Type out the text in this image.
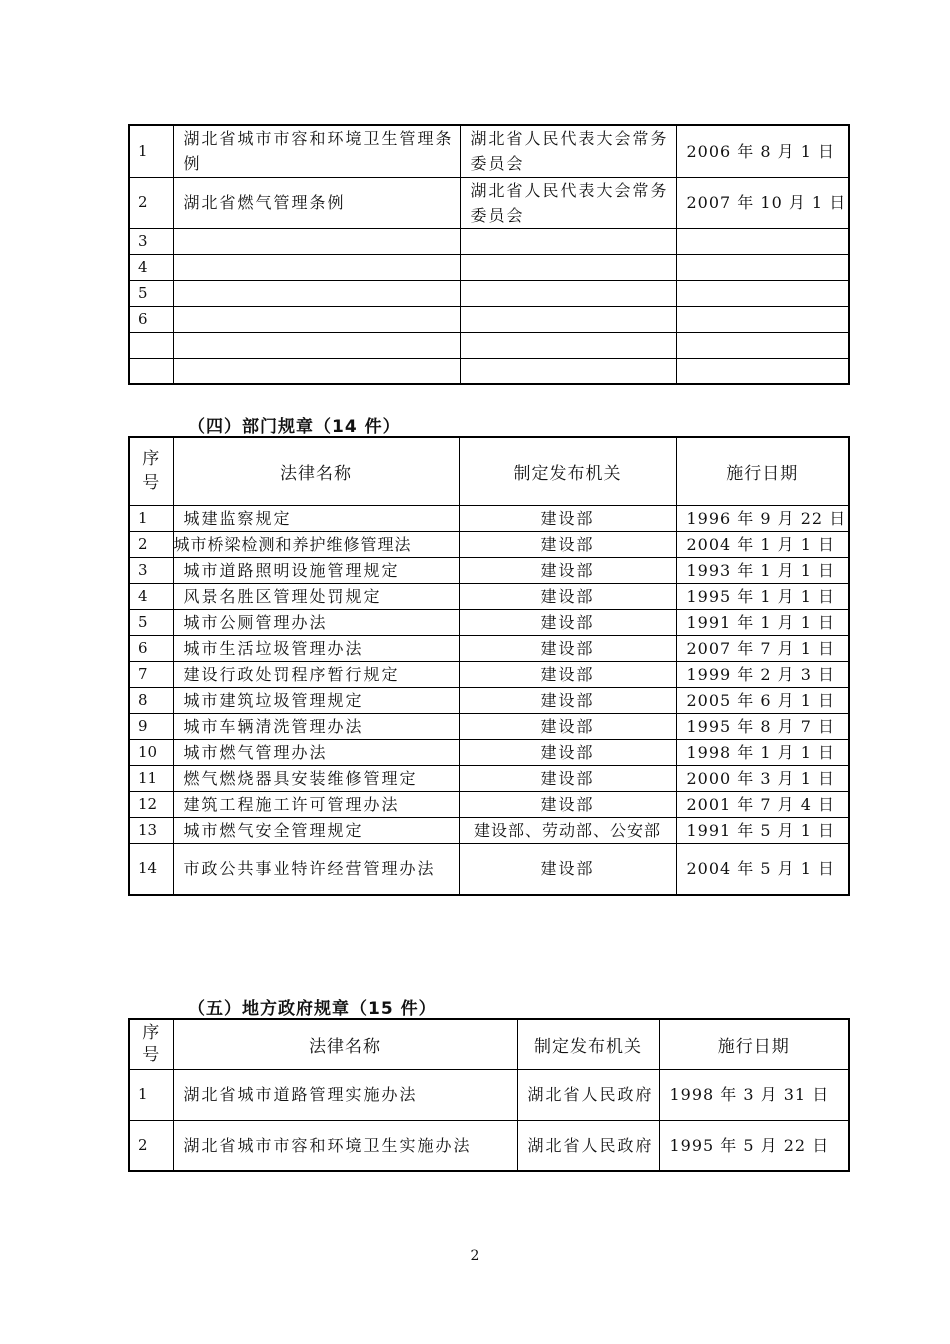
1	湖北省城市市容和环境卫生管理条例	湖北省人民代表大会常务委员会	2006 年 8 月 1 日
2	湖北省燃气管理条例	湖北省人民代表大会常务委员会	2007 年 10 月 1 日
3			
4			
5			
6			

（四）部门规章（14 件）
序号	法律名称	制定发布机关	施行日期
1	城建监察规定	建设部	1996 年 9 月 22 日
2	城市桥梁检测和养护维修管理法	建设部	2004 年 1 月 1 日
3	城市道路照明设施管理规定	建设部	1993 年 1 月 1 日
4	风景名胜区管理处罚规定	建设部	1995 年 1 月 1 日
5	城市公厕管理办法	建设部	1991 年 1 月 1 日
6	城市生活垃圾管理办法	建设部	2007 年 7 月 1 日
7	建设行政处罚程序暂行规定	建设部	1999 年 2 月 3 日
8	城市建筑垃圾管理规定	建设部	2005 年 6 月 1 日
9	城市车辆清洗管理办法	建设部	1995 年 8 月 7 日
10	城市燃气管理办法	建设部	1998 年 1 月 1 日
11	燃气燃烧器具安装维修管理定	建设部	2000 年 3 月 1 日
12	建筑工程施工许可管理办法	建设部	2001 年 7 月 4 日
13	城市燃气安全管理规定	建设部、劳动部、公安部	1991 年 5 月 1 日
14	市政公共事业特许经营管理办法	建设部	2004 年 5 月 1 日
（五）地方政府规章（15 件）
序号	法律名称	制定发布机关	施行日期
1	湖北省城市道路管理实施办法	湖北省人民政府	1998 年 3 月 31 日
2	湖北省城市市容和环境卫生实施办法	湖北省人民政府	1995 年 5 月 22 日
2
